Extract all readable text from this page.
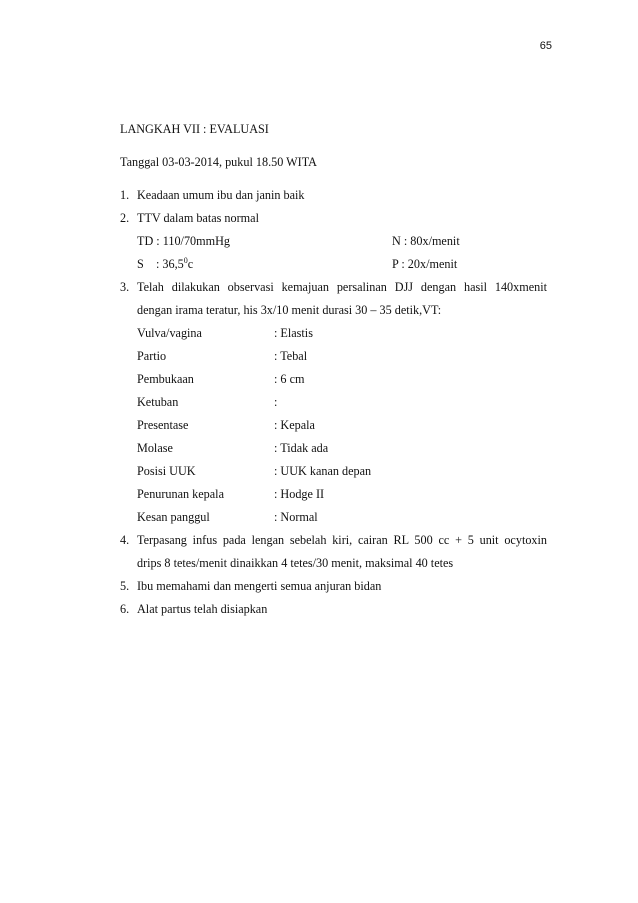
65
LANGKAH VII : EVALUASI
Tanggal 03-03-2014, pukul 18.50 WITA
1. Keadaan umum ibu dan janin baik
2. TTV dalam batas normal
TD : 110/70mmHg	N : 80x/menit
S    : 36,5$^0$c	P : 20x/menit
3. Telah dilakukan observasi kemajuan persalinan DJJ dengan hasil 140xmenit
dengan irama teratur, his 3x/10 menit durasi 30 – 35 detik,VT:
Vulva/vagina	: Elastis
Partio	: Tebal
Pembukaan	: 6 cm
Ketuban	:
Presentase	: Kepala
Molase	: Tidak ada
Posisi UUK	: UUK kanan depan
Penurunan kepala	: Hodge II
Kesan panggul	: Normal
4. Terpasang infus pada lengan sebelah kiri, cairan RL 500 cc + 5 unit ocytoxin
drips 8 tetes/menit dinaikkan 4 tetes/30 menit, maksimal 40 tetes
5. Ibu memahami dan mengerti semua anjuran bidan
6. Alat partus telah disiapkan
